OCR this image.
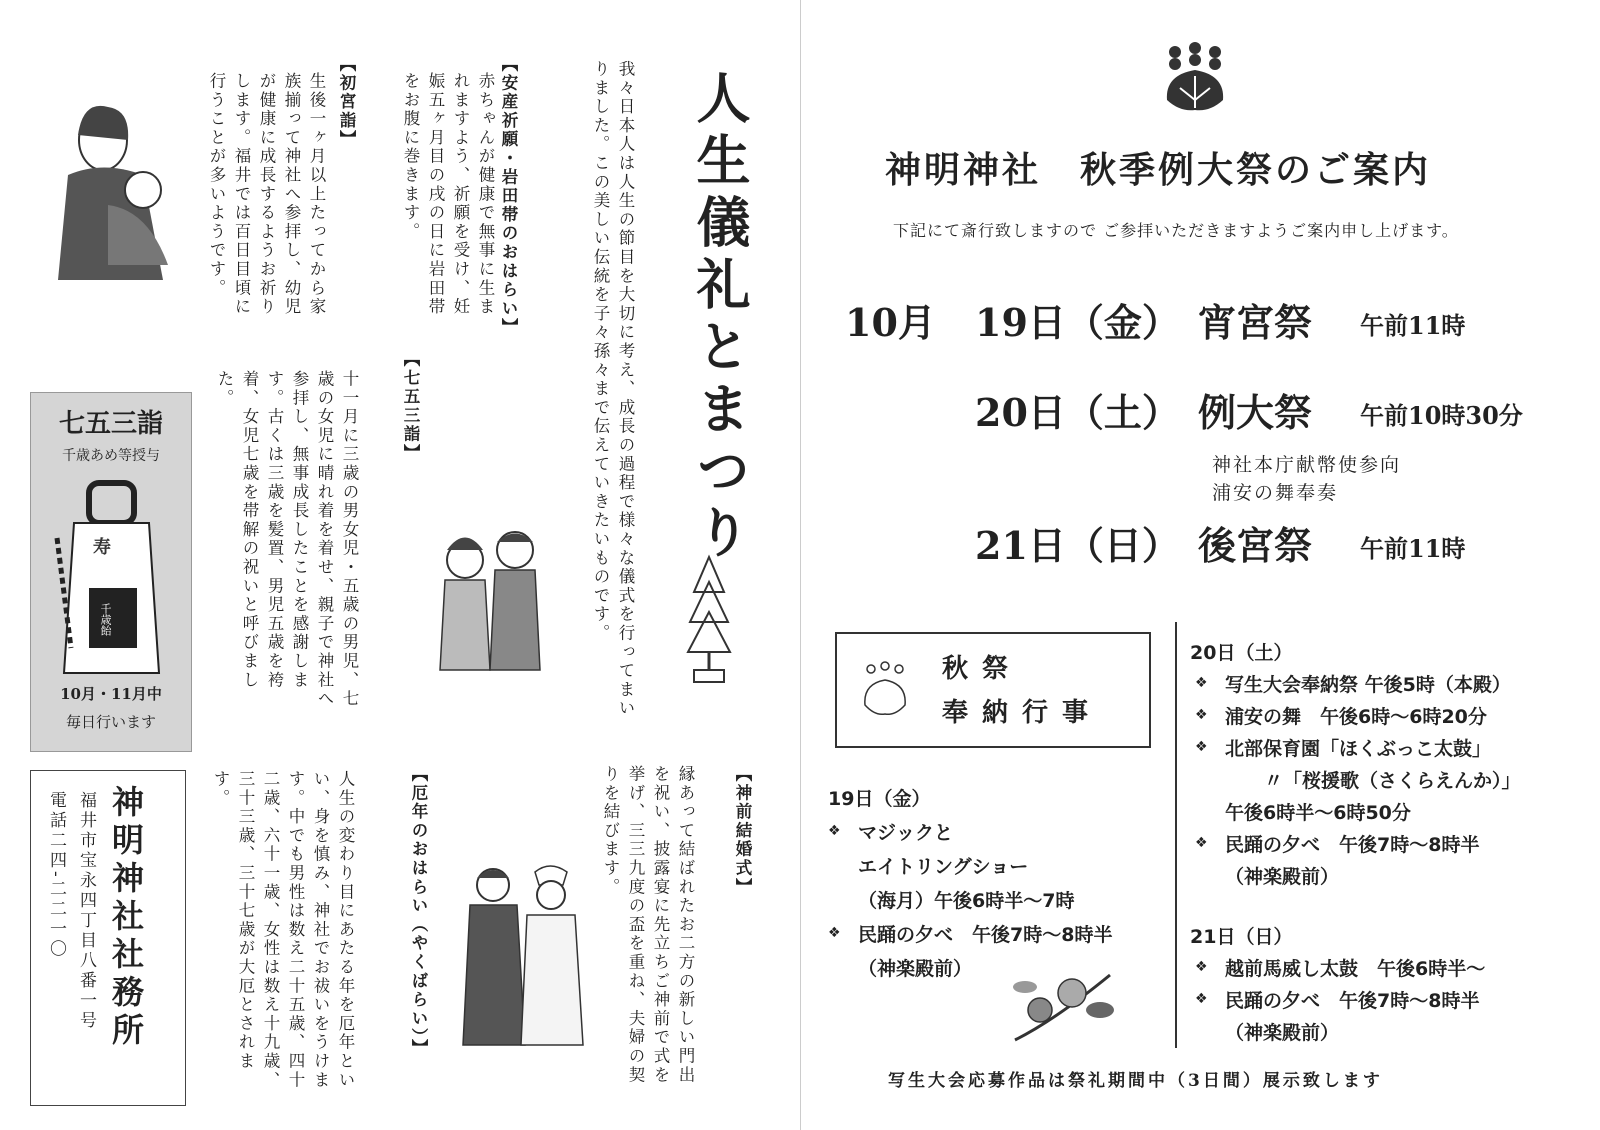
人生儀礼とまつり
我々日本人は人生の節目を大切に考え、成長の過程で様々な儀式を行ってまいりました。この美しい伝統を子々孫々まで伝えていきたいものです。
【安産祈願・岩田帯のおはらい】
赤ちゃんが健康で無事に生まれますよう、祈願を受け、妊娠五ヶ月目の戌の日に岩田帯をお腹に巻きます。
【初宮詣】
生後一ヶ月以上たってから家族揃って神社へ参拝し、幼児が健康に成長するようお祈りします。福井では百日目頃に行うことが多いようです。
【七五三詣】
十一月に三歳の男女児・五歳の男児、七歳の女児に晴れ着を着せ、親子で神社へ参拝し、無事成長したことを感謝します。古くは三歳を髪置、男児五歳を袴着、女児七歳を帯解の祝いと呼びました。
【神前結婚式】
縁あって結ばれたお二方の新しい門出を祝い、披露宴に先立ちご神前で式を挙げ、三三九度の盃を重ね、夫婦の契りを結びます。
【厄年のおはらい（やくばらい）】
人生の変わり目にあたる年を厄年といい、身を慎み、神社でお祓いをうけます。中でも男性は数え二十五歳、四十二歳、六十一歳、女性は数え十九歳、三十三歳、三十七歳が大厄とされます。
七五三詣
千歳あめ等授与
寿
千歳飴
10月・11月中
毎日行います
神明神社社務所
福井市宝永四丁目八番一号
電話二四-二二一〇
神明神社　秋季例大祭のご案内
下記にて斎行致しますので ご参拝いただきますようご案内申し上げます。
10月 19日（金） 宵宮祭 午前11時
20日（土） 例大祭 午前10時30分
神社本庁献幣使参向
浦安の舞奉奏
21日（日） 後宮祭 午前11時
秋祭
奉納行事
19日（金）
❖ マジックと
エイトリングショー
（海月）午後6時半～7時
❖ 民踊の夕べ　午後7時～8時半
（神楽殿前）
20日（土）
❖ 写生大会奉納祭 午後5時（本殿）
❖ 浦安の舞　午後6時～6時20分
❖ 北部保育園「ほくぶっこ太鼓」
〃「桜援歌（さくらえんか）」
午後6時半～6時50分
❖ 民踊の夕べ　午後7時～8時半
（神楽殿前）
21日（日）
❖ 越前馬威し太鼓　午後6時半～
❖ 民踊の夕べ　午後7時～8時半
（神楽殿前）
写生大会応募作品は祭礼期間中（3日間）展示致します
